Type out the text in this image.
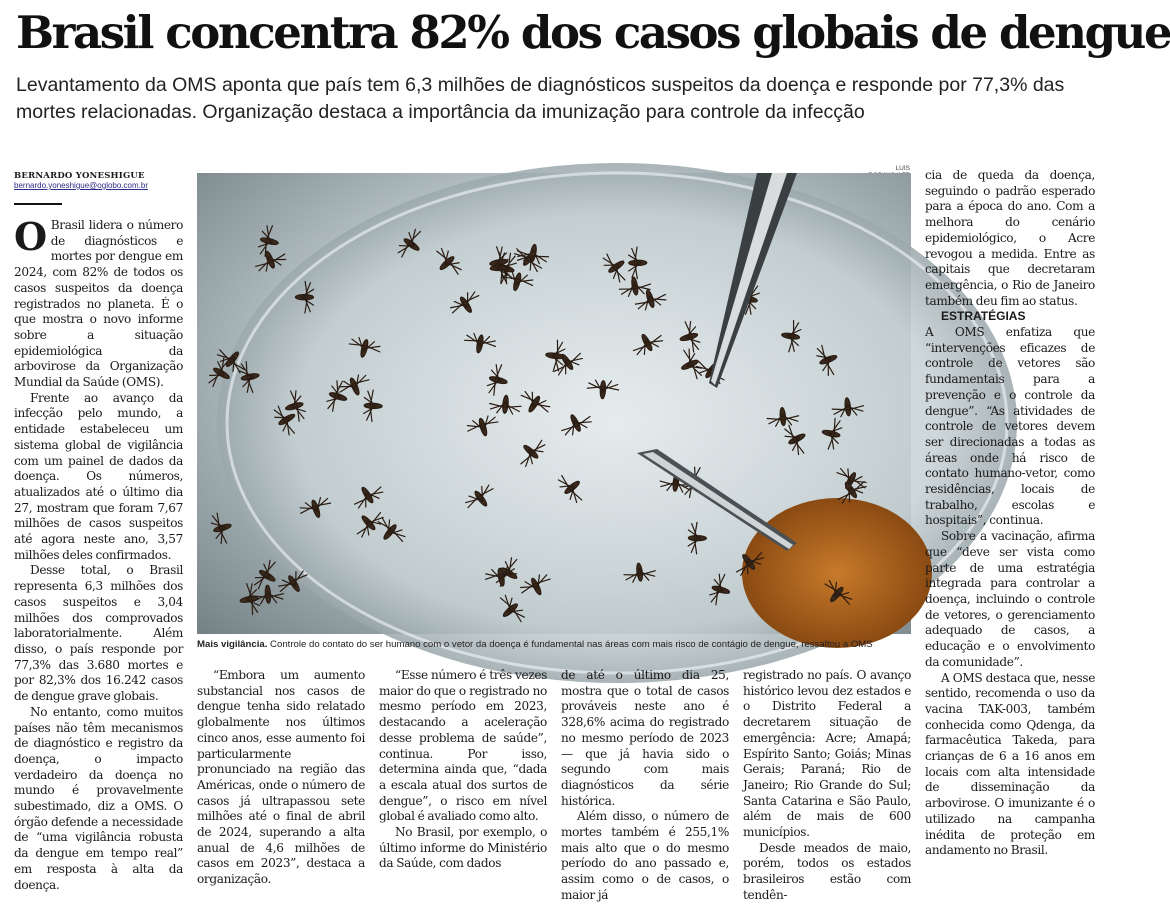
Brasil concentra 82% dos casos globais de dengue

Levantamento da OMS aponta que país tem 6,3 milhões de diagnósticos suspeitos da doença e responde por 77,3% das mortes relacionadas. Organização destaca a importância da imunização para controle da infecção

BERNARDO YONESHIGUE
bernardo.yoneshigue@oglobo.com.br
LUIS
Mais vigilância. Controle do contato do ser humano com o vetor da doença é fundamental nas áreas com mais risco de contágio de dengue, ressaltou a OMS

O Brasil lidera o número de diagnósticos e mortes por dengue em 2024, com 82% de todos os casos suspeitos da doença registrados no planeta. É o que mostra o novo informe sobre a situação epidemiológica da arbovirose da Organização Mundial da Saúde (OMS).

Frente ao avanço da infecção pelo mundo, a entidade estabeleceu um sistema global de vigilância com um painel de dados da doença. Os números, atualizados até o último dia 27, mostram que foram 7,67 milhões de casos suspeitos até agora neste ano, 3,57 milhões deles confirmados.

Desse total, o Brasil representa 6,3 milhões dos casos suspeitos e 3,04 milhões dos comprovados laboratorialmente. Além disso, o país responde por 77,3% das 3.680 mortes e por 82,3% dos 16.242 casos de dengue grave globais.

No entanto, como muitos países não têm mecanismos de diagnóstico e registro da doença, o impacto verdadeiro da doença no mundo é provavelmente subestimado, diz a OMS. O órgão defende a necessidade de “uma vigilância robusta da dengue em tempo real” em resposta à alta da doença.

“Embora um aumento substancial nos casos de dengue tenha sido relatado globalmente nos últimos cinco anos, esse aumento foi particularmente pronunciado na região das Américas, onde o número de casos já ultrapassou sete milhões até o final de abril de 2024, superando a alta anual de 4,6 milhões de casos em 2023”, destaca a organização.

“Esse número é três vezes maior do que o registrado no mesmo período em 2023, destacando a aceleração desse problema de saúde”, continua. Por isso, determina ainda que, “dada a escala atual dos surtos de dengue”, o risco em nível global é avaliado como alto.

No Brasil, por exemplo, o último informe do Ministério da Saúde, com dados

de até o último dia 25, mostra que o total de casos prováveis neste ano é 328,6% acima do registrado no mesmo período de 2023 — que já havia sido o segundo com mais diagnósticos da série histórica.

Além disso, o número de mortes também é 255,1% mais alto que o do mesmo período do ano passado e, assim como o de casos, o maior já

registrado no país. O avanço histórico levou dez estados e o Distrito Federal a decretarem situação de emergência: Acre; Amapá; Espírito Santo; Goiás; Minas Gerais; Paraná; Rio de Janeiro; Rio Grande do Sul; Santa Catarina e São Paulo, além de mais de 600 municípios.

Desde meados de maio, porém, todos os estados brasileiros estão com tendên-

cia de queda da doença, seguindo o padrão esperado para a época do ano. Com a melhora do cenário epidemiológico, o Acre revogou a medida. Entre as capitais que decretaram emergência, o Rio de Janeiro também deu fim ao status.

ESTRATÉGIAS

A OMS enfatiza que “intervenções eficazes de controle de vetores são fundamentais para a prevenção e o controle da dengue”. “As atividades de controle de vetores devem ser direcionadas a todas as áreas onde há risco de contato humano-vetor, como residências, locais de trabalho, escolas e hospitais”, continua.

Sobre a vacinação, afirma que “deve ser vista como parte de uma estratégia integrada para controlar a doença, incluindo o controle de vetores, o gerenciamento adequado de casos, a educação e o envolvimento da comunidade”.

A OMS destaca que, nesse sentido, recomenda o uso da vacina TAK-003, também conhecida como Qdenga, da farmacêutica Takeda, para crianças de 6 a 16 anos em locais com alta intensidade de disseminação da arbovirose. O imunizante é o utilizado na campanha inédita de proteção em andamento no Brasil.
